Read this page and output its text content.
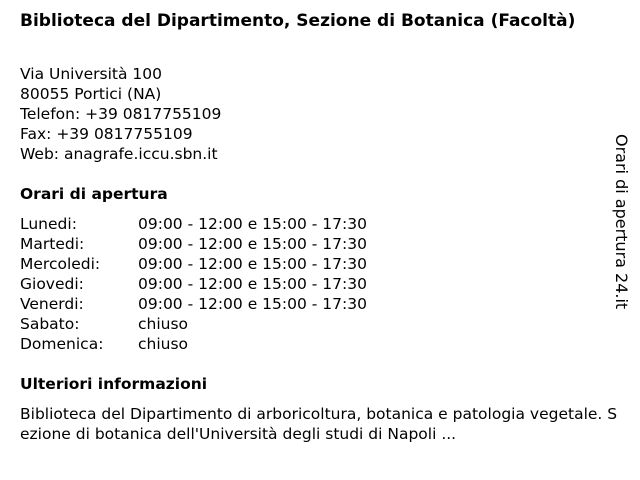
Biblioteca del Dipartimento, Sezione di Botanica (Facoltà)
Via Università 100
80055 Portici (NA)
Telefon: +39 0817755109
Fax: +39 0817755109
Web: anagrafe.iccu.sbn.it
Orari di apertura
Lunedi:	09:00 - 12:00 e 15:00 - 17:30
Martedi:	09:00 - 12:00 e 15:00 - 17:30
Mercoledi:	09:00 - 12:00 e 15:00 - 17:30
Giovedi:	09:00 - 12:00 e 15:00 - 17:30
Venerdi:	09:00 - 12:00 e 15:00 - 17:30
Sabato:	chiuso
Domenica:	chiuso
Ulteriori informazioni
Biblioteca del Dipartimento di arboricoltura, botanica e patologia vegetale. Sezione di botanica dell'Università degli studi di Napoli ...
Orari di apertura 24.it
